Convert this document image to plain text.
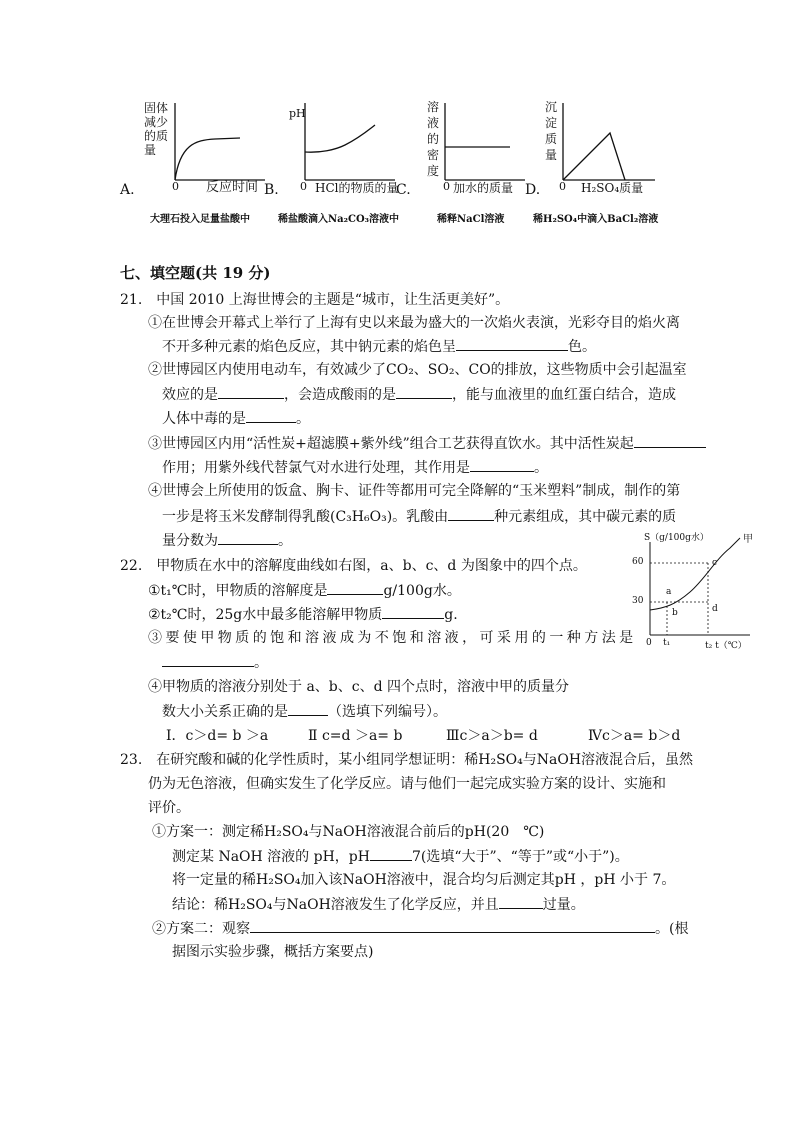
固体减少的质量
A.	0 反应时间
大理石投入足量盐酸中
pH
B. 0 HCl的物质的量
稀盐酸滴入Na₂CO₃溶液中
溶液的密度
0 加水的质量
C.
稀释NaCl溶液
沉淀质量
D. 0 H₂SO₄质量
稀H₂SO₄中滴入BaCl₂溶液
七、填空题(共 19 分)
21.　中国 2010 上海世博会的主题是“城市，让生活更美好”。
①在世博会开幕式上举行了上海有史以来最为盛大的一次焰火表演，光彩夺目的焰火离
不开多种元素的焰色反应，其中钠元素的焰色呈	色。
②世博园区内使用电动车，有效减少了CO₂、SO₂、CO的排放，这些物质中会引起温室
效应的是	，会造成酸雨的是	，能与血液里的血红蛋白结合，造成
人体中毒的是	。
③世博园区内用“活性炭+超滤膜+紫外线”组合工艺获得直饮水。其中活性炭起
作用；用紫外线代替氯气对水进行处理，其作用是	。
④世博会上所使用的饭盒、胸卡、证件等都用可完全降解的“玉米塑料”制成，制作的第
一步是将玉米发酵制得乳酸(C₃H₆O₃)。乳酸由	种元素组成，其中碳元素的质
量分数为	。
22.　甲物质在水中的溶解度曲线如右图，a、b、c、d 为图象中的四个点。
①t₁℃时，甲物质的溶解度是	g/100g水。
②t₂℃时，25g水中最多能溶解甲物质	g.
③ 要 使 甲 物 质 的 饱 和 溶 液 成 为 不 饱 和 溶 液 ， 可 采 用 的 一 种 方 法 是
。
④甲物质的溶液分别处于 a、b、c、d 四个点时，溶液中甲的质量分
数大小关系正确的是	（选填下列编号）。
Ⅰ．c＞d= b ＞a	Ⅱ c=d ＞a= b	Ⅲc＞a＞b= d	Ⅳc＞a= b＞d
S（g/100g水）	甲
60
30
0 t₁	t₂ t（℃）
a
b
c
d
23.　在研究酸和碱的化学性质时，某小组同学想证明：稀H₂SO₄与NaOH溶液混合后，虽然
仍为无色溶液，但确实发生了化学反应。请与他们一起完成实验方案的设计、实施和
评价。
①方案一：测定稀H₂SO₄与NaOH溶液混合前后的pH(20　℃)
测定某 NaOH 溶液的 pH，pH	7(选填“大于”、“等于”或“小于”)。
将一定量的稀H₂SO₄加入该NaOH溶液中，混合均匀后测定其pH ，pH 小于 7。
结论：稀H₂SO₄与NaOH溶液发生了化学反应，并且	过量。
②方案二：观察	。(根
据图示实验步骤，概括方案要点)
